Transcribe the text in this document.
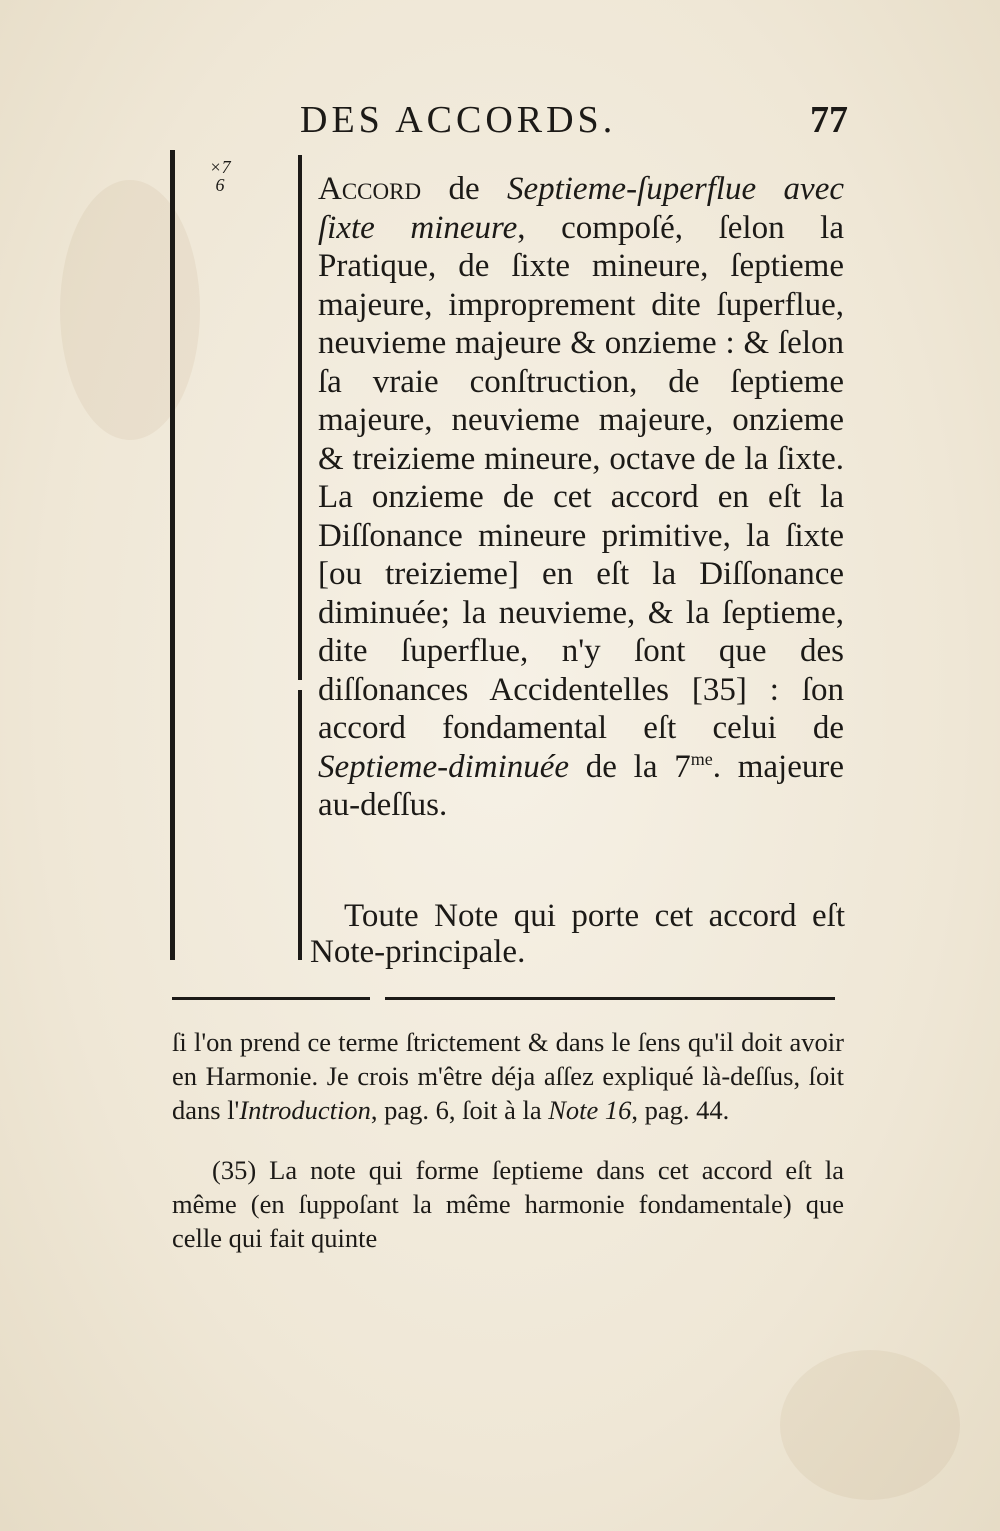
DES ACCORDS.	77
×7
6	Accord de Septieme-ſuperflue avec ſixte mineure, compoſé, ſelon la Pratique, de ſixte mineure, ſeptieme majeure, improprement dite ſuperflue, neuvieme majeure & onzieme : & ſelon ſa vraie conſtruction, de ſeptieme majeure, neuvieme majeure, onzieme & treizieme mineure, octave de la ſixte. La onzieme de cet accord en eſt la Diſſonance mineure primitive, la ſixte [ou treizieme] en eſt la Diſſonance diminuée; la neuvieme, & la ſeptieme, dite ſuperflue, n'y ſont que des diſſonances Accidentelles [35] : ſon accord fondamental eſt celui de Septieme-diminuée de la $7^{me}$. majeure au-deſſus.

Toute Note qui porte cet accord eſt Note-principale.

ſi l'on prend ce terme ſtrictement & dans le ſens qu'il doit avoir en Harmonie. Je crois m'être déja aſſez expliqué là-deſſus, ſoit dans l'Introduction, pag. 6, ſoit à la Note 16, pag. 44.

(35) La note qui forme ſeptieme dans cet accord eſt la même (en ſuppoſant la même harmonie fondamentale) que celle qui fait quinte
